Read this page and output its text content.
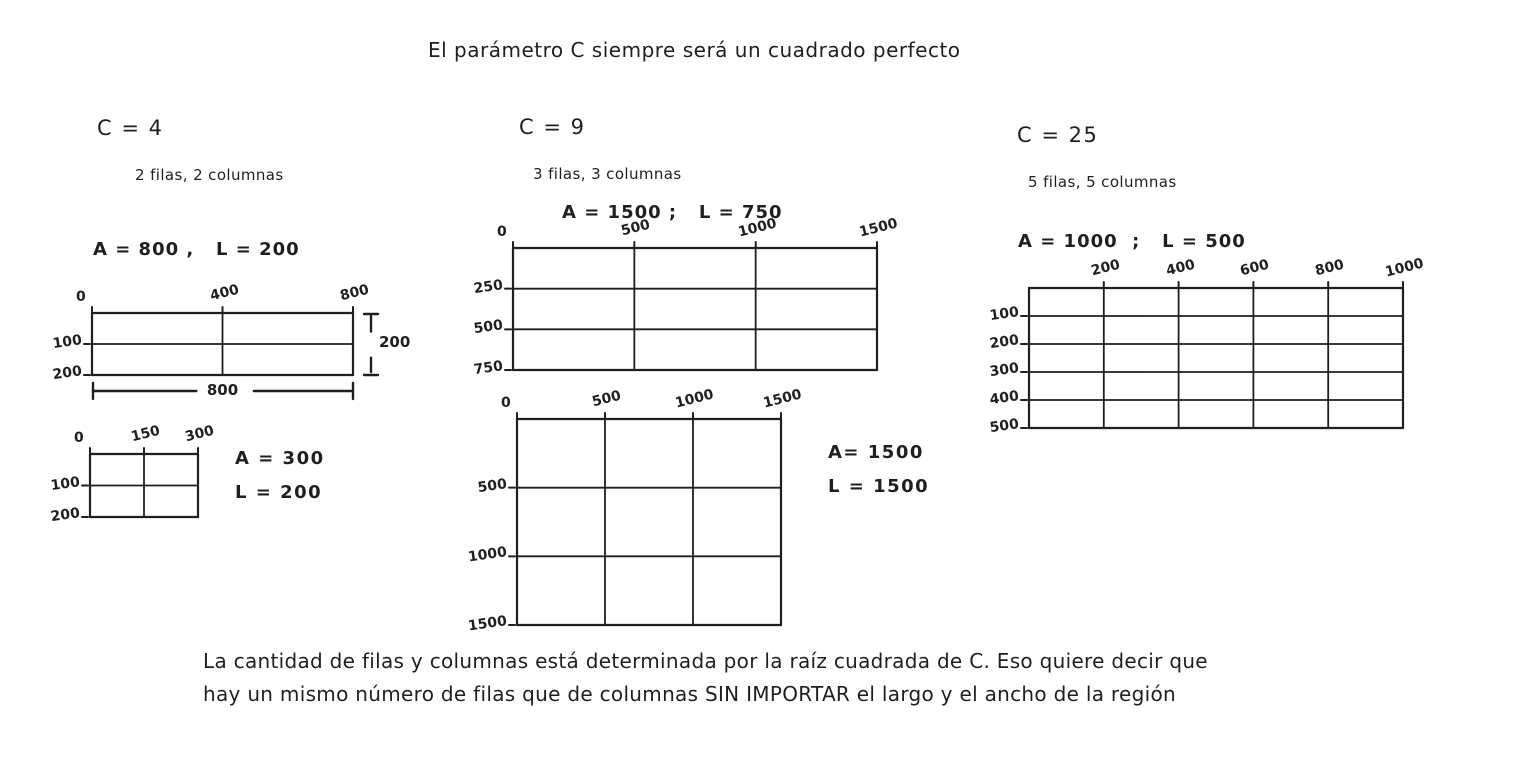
El parámetro C siempre será un cuadrado perfecto
C = 4
2 filas, 2 columnas
A = 800 ,   L = 200
0	400	800
100
200
800
200
0	150 300
100
200
A = 300
L = 200
C = 9
3 filas, 3 columnas
A = 1500 ;   L = 750
0	500	1000	1500
250
500
750
0	500	1000	1500
500
1000
1500
A= 1500
L = 1500
C = 25
5 filas, 5 columnas
A = 1000  ;   L = 500
200	400	600	800	1000
100
200
300
400
500
La cantidad de filas y columnas está determinada por la raíz cuadrada de C. Eso quiere decir que
hay un mismo número de filas que de columnas SIN IMPORTAR el largo y el ancho de la región
